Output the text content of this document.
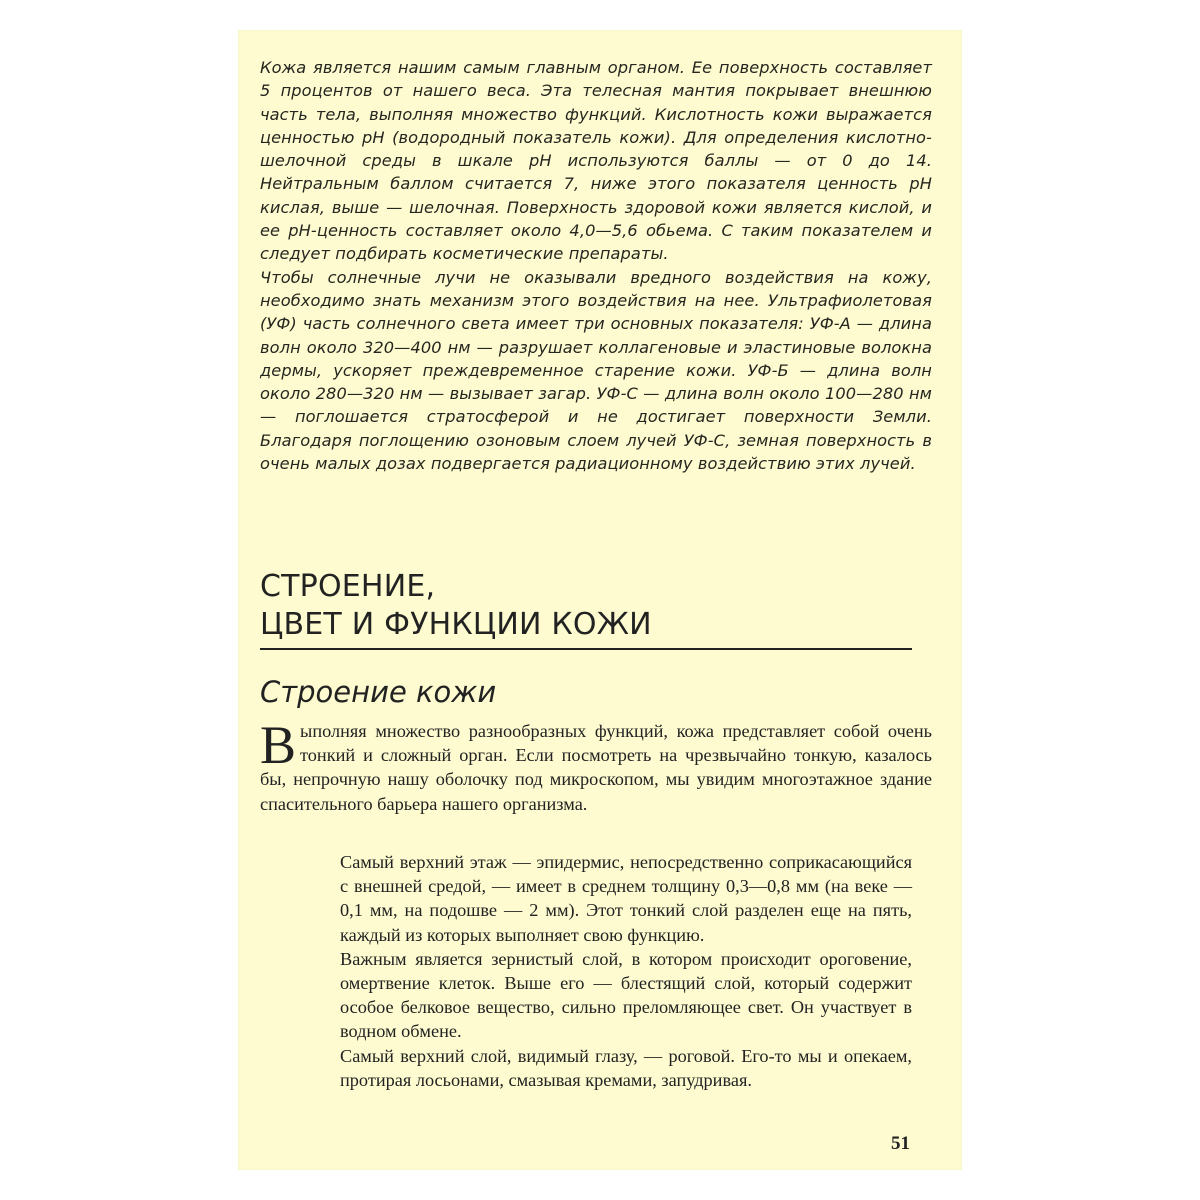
Кожа является нашим самым главным органом. Ее поверхность составляет 5 процентов от нашего веса. Эта телесная мантия покрывает внешнюю часть тела, выполняя множество функций. Кислотность кожи выражается ценностью pH (водородный показатель кожи). Для определения кислотно-шелочной среды в шкале pH используются баллы — от 0 до 14. Нейтральным баллом считается 7, ниже этого показателя ценность pH кислая, выше — шелочная. Поверхность здоровой кожи является кислой, и ее pH-ценность составляет около 4,0—5,6 обьема. С таким показателем и следует подбирать косметические препараты.

Чтобы солнечные лучи не оказывали вредного воздействия на кожу, необходимо знать механизм этого воздействия на нее. Ультрафиолетовая (УФ) часть солнечного света имеет три основных показателя: УФ-А — длина волн около 320—400 нм — разрушает коллагеновые и эластиновые волокна дермы, ускоряет преждевременное старение кожи. УФ-Б — длина волн около 280—320 нм — вызывает загар. УФ-С — длина волн около 100—280 нм — поглошается стратосферой и не достигает поверхности Земли. Благодаря поглощению озоновым слоем лучей УФ-С, земная поверхность в очень малых дозах подвергается радиационному воздействию этих лучей.

СТРОЕНИЕ,
ЦВЕТ И ФУНКЦИИ КОЖИ
Строение кожи
В ыполняя множество разнообразных функций, кожа представляет собой очень тонкий и сложный орган. Если посмотреть на чрезвычайно тонкую, казалось бы, непрочную нашу оболочку под микроскопом, мы увидим многоэтажное здание спасительного барьера нашего организма.

Самый верхний этаж — эпидермис, непосредственно соприкасающийся с внешней средой, — имеет в среднем толщину 0,3—0,8 мм (на веке — 0,1 мм, на подошве — 2 мм). Этот тонкий слой разделен еще на пять, каждый из которых выполняет свою функцию.

Важным является зернистый слой, в котором происходит ороговение, омертвение клеток. Выше его — блестящий слой, который содержит особое белковое вещество, сильно преломляющее свет. Он участвует в водном обмене.

Самый верхний слой, видимый глазу, — роговой. Его-то мы и опекаем, протирая лосьонами, смазывая кремами, запудривая.

51
